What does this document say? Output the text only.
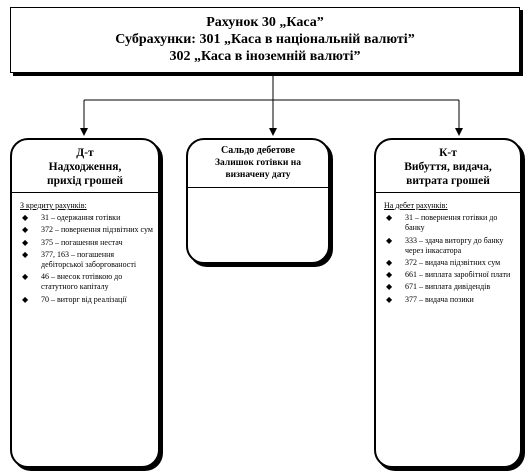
Рахунок 30 „Каса”
Субрахунки: 301 „Каса в національній валюті”
302 „Каса в іноземній валюті”
Д-т
Надходження,
прихід грошей
З кредиту рахунків:
◆ 31 – одержання готівки
◆ 372 – повернення підзвітних сум
◆ 375 – погашення нестач
◆ 377, 163 – погашення дебіторської заборгованості
◆ 46 – внесок готівкою до статутного капіталу
◆ 70 – виторг від реалізації
Сальдо дебетове
Залишок готівки на визначену дату
К-т
Вибуття, видача,
витрата грошей
На дебет рахунків:
◆ 31 – повернення готівки до банку
◆ 333 – здача виторгу до банку через інкасатора
◆ 372 – видача підзвітних сум
◆ 661 – виплата заробітної плати
◆ 671 – виплата дивідендів
◆ 377 – видача позики
